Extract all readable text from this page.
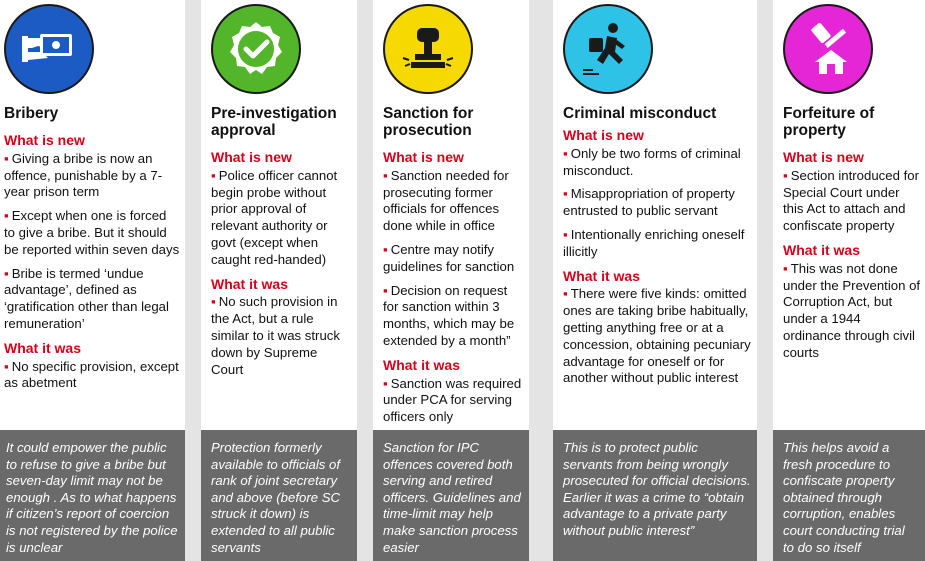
Bribery
What is new

▪ Giving a bribe is now an offence, punishable by a 7-year prison term

▪ Except when one is forced to give a bribe. But it should be reported within seven days

▪ Bribe is termed ‘undue advantage’, defined as ‘gratification other than legal remuneration’

What it was

▪ No specific provision, except as abetment

It could empower the public to refuse to give a bribe but seven-day limit may not be enough . As to what happens if citizen’s report of coercion is not registered by the police is unclear
Pre-investigation approval
What is new

▪ Police officer cannot begin probe without prior approval of relevant authority or govt (except when caught red-handed)

What it was

▪ No such provision in the Act, but a rule similar to it was struck down by Supreme Court

Protection formerly available to officials of rank of joint secretary and above (before SC struck it down) is extended to all public servants
Sanction for prosecution
What is new

▪ Sanction needed for prosecuting former officials for offences done while in office

▪ Centre may notify guidelines for sanction

▪ Decision on request for sanction within 3 months, which may be extended by a month”

What it was

▪ Sanction was required under PCA for serving officers only

Sanction for IPC offences covered both serving and retired officers. Guidelines and time-limit may help make sanction process easier
Criminal misconduct
What is new

▪ Only be two forms of criminal misconduct.

▪ Misappropriation of property entrusted to public servant

▪ Intentionally enriching oneself illicitly

What it was

▪ There were five kinds: omitted ones are taking bribe habitually, getting anything free or at a concession, obtaining pecuniary advantage for oneself or for another without public interest

This is to protect public servants from being wrongly prosecuted for official decisions. Earlier it was a crime to “obtain advantage to a private party without public interest”
Forfeiture of property
What is new

▪ Section introduced for Special Court under this Act to attach and confiscate property

What it was

▪ This was not done under the Prevention of Corruption Act, but under a 1944 ordinance through civil courts

This helps avoid a fresh procedure to confiscate property obtained through corruption, enables court conducting trial to do so itself
